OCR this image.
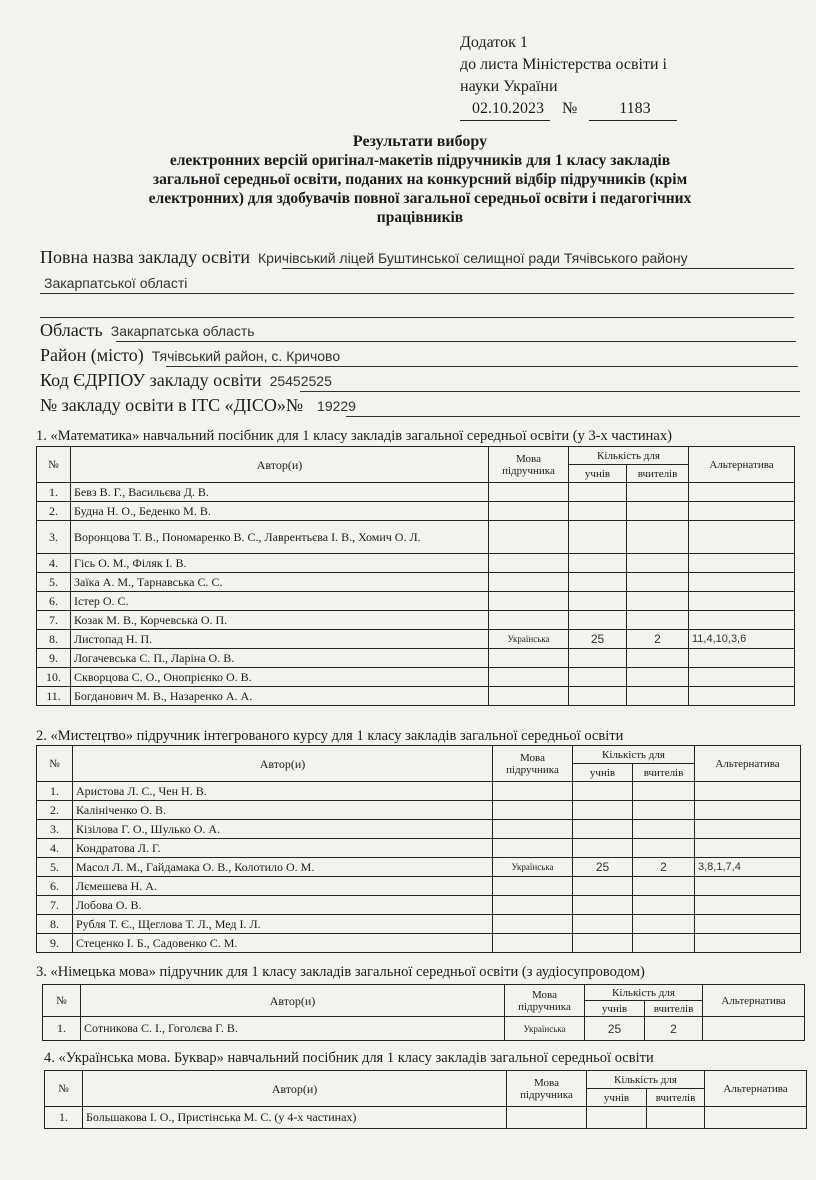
Додаток 1
до листа Міністерства освіти і
науки України
02.10.2023 №	1183
Результати вибору
електронних версій оригінал-макетів підручників для 1 класу закладів
загальної середньої освіти, поданих на конкурсний відбір підручників (крім
електронних) для здобувачів повної загальної середньої освіти і педагогічних
працівників
Повна назва закладу освіти Кричівський ліцей Буштинської селищної ради Тячівського району
Закарпатської області
Область Закарпатська область
Район (місто) Тячівський район, с. Кричово
Код ЄДРПОУ закладу освіти 25452525
№ закладу освіти в ІТС «ДІСО»№ 19229
1. «Математика» навчальний посібник для 1 класу закладів загальної середньої освіти (у 3-х частинах)
№	Автор(и)	Мова підручника	Кількість для		Альтернатива
			учнів	вчителів	
1.	Бевз В. Г., Васильєва Д. В.				
2.	Будна Н. О., Беденко М. В.				
3.	Воронцова Т. В., Пономаренко В. С., Лаврентьєва І. В., Хомич О. Л.				
4.	Гісь О. М., Філяк І. В.				
5.	Заїка А. М., Тарнавська С. С.				
6.	Істер О. С.				
7.	Козак М. В., Корчевська О. П.				
8.	Листопад Н. П.	Українська	25	2	11,4,10,3,6
9.	Логачевська С. П., Ларіна О. В.				
10.	Скворцова С. О., Онопрієнко О. В.				
11.	Богданович М. В., Назаренко А. А.				
2. «Мистецтво» підручник інтегрованого курсу для 1 класу закладів загальної середньої освіти
№	Автор(и)	Мова підручника	Кількість для		Альтернатива
			учнів	вчителів	
1.	Аристова Л. С., Чен Н. В.				
2.	Калініченко О. В.				
3.	Кізілова Г. О., Шулько О. А.				
4.	Кондратова Л. Г.				
5.	Масол Л. М., Гайдамака О. В., Колотило О. М.	Українська	25	2	3,8,1,7,4
6.	Лємешева Н. А.				
7.	Лобова О. В.				
8.	Рубля Т. Є., Щеглова Т. Л., Мед І. Л.				
9.	Стеценко І. Б., Садовенко С. М.				
3. «Німецька мова» підручник для 1 класу закладів загальної середньої освіти (з аудіосупроводом)
№	Автор(и)	Мова підручника	Кількість для		Альтернатива
			учнів	вчителів	
1.	Сотникова С. І., Гоголєва Г. В.	Українська	25	2	
4. «Українська мова. Буквар» навчальний посібник для 1 класу закладів загальної середньої освіти
№	Автор(и)	Мова підручника	Кількість для		Альтернатива
			учнів	вчителів	
1.	Большакова І. О., Пристінська М. С. (у 4-х частинах)				
